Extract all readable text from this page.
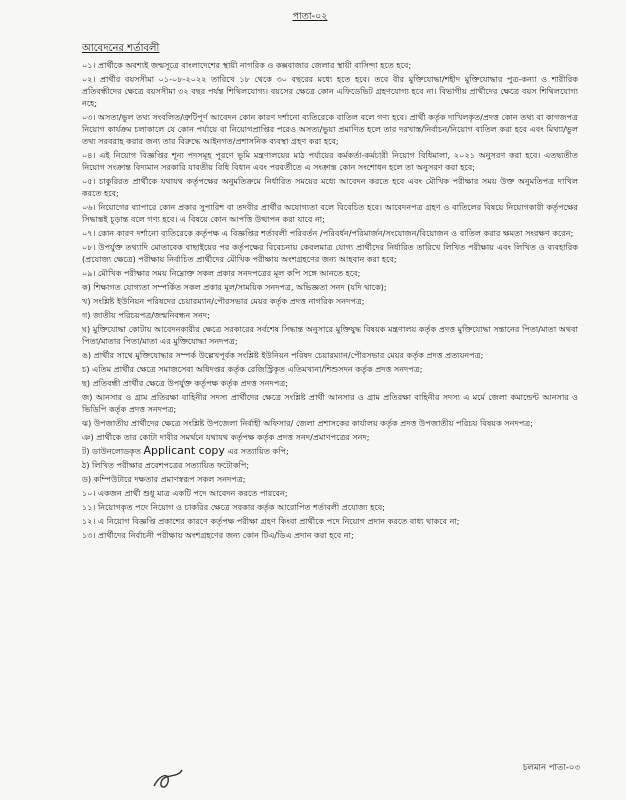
পাতা-০২
আবেদনের শর্তাবলী

০১। প্রার্থীকে অবশ্যই জন্মসূত্রে বাংলাদেশের স্থায়ী নাগরিক ও কক্সবাজার জেলার স্থায়ী বাসিন্দা হতে হবে;

০২। প্রার্থীর বয়সসীমা ০১-০৮-২০২২ তারিখে ১৮ থেকে ৩০ বছরের মধ্যে হতে হবে। তবে বীর মুক্তিযোদ্ধা/শহীদ মুক্তিযোদ্ধার পুত্র-কন্যা ও শারীরিক প্রতিবন্ধীদের ক্ষেত্রে বয়সসীমা ৩২ বছর পর্যন্ত শিথিলযোগ্য। বয়সের ক্ষেত্রে কোন এফিডেভিট গ্রহণযোগ্য হবে না। বিভাগীয় প্রার্থীদের ক্ষেত্রে বয়স শিথিলযোগ্য নহে;

০৩। অসত্য/ভুল তথ্য সংবলিত/ত্রুটিপূর্ণ আবেদন কোন কারণ দর্শানো ব্যতিরেকে বাতিল বলে গণ্য হবে। প্রার্থী কর্তৃক দাখিলকৃত/প্রদত্ত কোন তথ্য বা কাগজপত্র নিয়োগ কার্যক্রম চলাকালে যে কোন পর্যায়ে বা নিয়োগপ্রাপ্তির পরেও অসত্য/ভুয়া প্রমাণিত হলে তার দরখাস্ত/নির্বাচন/নিয়োগ বাতিল করা হবে এবং মিথ্যা/ভুল তথ্য সরবরাহ করার জন্য তার বিরুদ্ধে আইনগত/প্রশাসনিক ব্যবস্থা গ্রহণ করা হবে;

০৪। এই নিয়োগ বিজ্ঞপ্তির শূন্য পদসমূহ পূরণে ভূমি মন্ত্রণালয়ের মাঠ পর্যায়ের কর্মকর্তা-কর্মচারী নিয়োগ বিধিমালা, ২০২১ অনুসরণ করা হবে। এতদ্ব্যতীত নিয়োগ সংক্রান্ত বিদ্যমান সরকারি যাবতীয় বিধি বিধান এবং পরবর্তীতে এ সংক্রান্ত কোন সংশোধন হলে তা অনুসরণ করা হবে;

০৫। চাকুরিরত প্রার্থীকে যথাযথ কর্তৃপক্ষের অনুমতিক্রমে নির্ধারিত সময়ের মধ্যে আবেদন করতে হবে এবং মৌখিক পরীক্ষার সময় উক্ত অনুমতিপত্র দাখিল করতে হবে;

০৬। নিয়োগের ব্যাপারে কোন প্রকার সুপারিশ বা তদবীর প্রার্থীর অযোগ্যতা বলে বিবেচিত হবে। আবেদনপত্র গ্রহণ ও বাতিলের বিষয়ে নিয়োগকারী কর্তৃপক্ষের সিদ্ধান্তই চূড়ান্ত বলে গণ্য হবে। এ বিষয়ে কোন আপত্তি উত্থাপন করা যাবে না;

০৭। কোন কারণ দর্শানো ব্যতিরেকে কর্তৃপক্ষ এ বিজ্ঞপ্তির শর্তাবলী পরিবর্তন /পরিবর্ধন/পরিমার্জন/সংযোজন/বিয়োজন ও বাতিল করার ক্ষমতা সংরক্ষণ করেন;

০৮। উপর্যুক্ত তথ্যাদি মোতাবেক বাছাইয়ের পর কর্তৃপক্ষের বিবেচনায় কেবলমাত্র যোগ্য প্রার্থীদের নির্ধারিত তারিখে লিখিত পরীক্ষায় এবং লিখিত ও ব্যবহারিক (প্রযোজ্য ক্ষেত্রে) পরীক্ষায় নির্বাচিত প্রার্থীদের মৌখিক পরীক্ষায় অংশগ্রহণের জন্য আহবান করা হবে;

০৯। মৌখিক পরীক্ষার সময় নিম্নোক্ত সকল প্রকার সনদপত্রের মূল কপি সঙ্গে আনতে হবে;

ক) শিক্ষাগত যোগ্যতা সম্পর্কিত সকল প্রকার মূল/সাময়িক সনদপত্র, অভিজ্ঞতা সনদ (যদি থাকে);

খ) সংশ্লিষ্ট ইউনিয়ন পরিষদের চেয়ারম্যান/পৌরসভার মেয়র কর্তৃক প্রদত্ত নাগরিক সনদপত্র;

গ) জাতীয় পরিচয়পত্র/জন্মনিবন্ধন সনদ;

ঘ) মুক্তিযোদ্ধা কোটায় আবেদনকারীর ক্ষেত্রে সরকারের সর্বশেষ সিদ্ধান্ত অনুসারে মুক্তিযুদ্ধ বিষয়ক মন্ত্রণালয় কর্তৃক প্রদত্ত মুক্তিযোদ্ধা সন্তানের পিতা/মাতা অথবা পিতা/মাতার পিতা/মাতা এর মুক্তিযোদ্ধা সনদপত্র;

ঙ) প্রার্থীর সাথে মুক্তিযোদ্ধার সম্পর্ক উল্লেখপূর্বক সংশ্লিষ্ট ইউনিয়ন পরিষদ চেয়ারম্যান/পৌরসভার মেয়র কর্তৃক প্রদত্ত প্রত্যয়নপত্র;

চ) এতিম প্রার্থীর ক্ষেত্রে সমাজসেবা অধিদপ্তর কর্তৃক রেজিস্ট্রিকৃত এতিমখানা/শিশুসদন কর্তৃক প্রদত্ত সনদপত্র;

ছ) প্রতিবন্ধী প্রার্থীর ক্ষেত্রে উপর্যুক্ত কর্তৃপক্ষ কর্তৃক প্রদত্ত সনদপত্র;

জ) আনসার ও গ্রাম প্রতিরক্ষা বাহিনীর সদস্য প্রার্থীদের ক্ষেত্রে সংশ্লিষ্ট প্রার্থী আনসার ও গ্রাম প্রতিরক্ষা বাহিনীর সদস্য এ মর্মে জেলা কমান্ডেন্ট আনসার ও ভিডিপি কর্তৃক প্রদত্ত সনদপত্র;

ঝ) উপজাতীয় প্রার্থীদের ক্ষেত্রে সংশ্লিষ্ট উপজেলা নির্বাহী অফিসার/ জেলা প্রশাসকের কার্যালয় কর্তৃক প্রদত্ত উপজাতীয় পরিচয় বিষয়ক সনদপত্র;

ঞ) প্রার্থীকে তার কোটা দাবীর সমর্থনে যথাযথ কর্তৃপক্ষ কর্তৃক প্রদত্ত সনদ/প্রমাণপত্রের সনদ;

ট) ডাউনলোডকৃত Applicant copy এর সত্যায়িত কপি;

ঠ) লিখিত পরীক্ষার প্রবেশপত্রের সত্যায়িত ফটোকপি;

ড) কম্পিউটারে দক্ষতার প্রমাণস্বরূপ সকল সনদপত্র;

১০। একজন প্রার্থী শুধু মাত্র একটি পদে আবেদন করতে পারবেন;

১১। নিয়োগকৃত পদে নিয়োগ ও চাকরির ক্ষেত্রে সরকার কর্তৃক আরোপিত শর্তাবলী প্রযোজ্য হবে;

১২। এ নিয়োগ বিজ্ঞপ্তি প্রকাশের কারণে কর্তৃপক্ষ পরীক্ষা গ্রহণ কিংবা প্রার্থীকে পদে নিয়োগ প্রদান করতে বাধ্য থাকবে না;

১৩। প্রার্থীদের নির্বাচনী পরীক্ষায় অংশগ্রহণের জন্য কোন টিএ/ডিএ প্রদান করা হবে না;

চলমান পাতা-০৩
